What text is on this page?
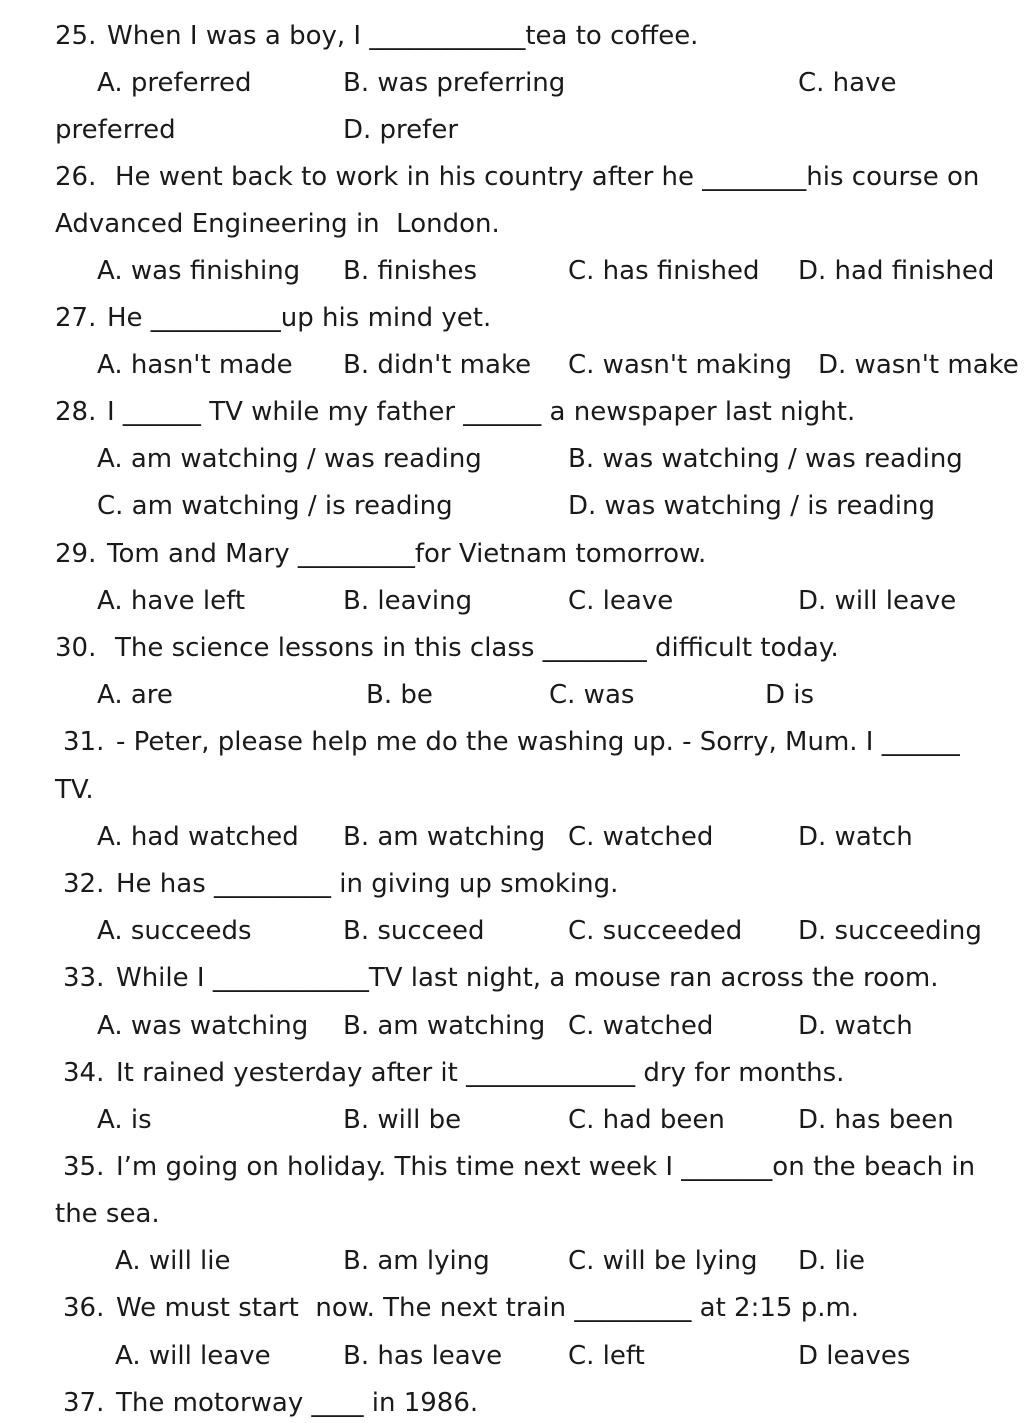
25. When I was a boy, I ____________tea to coffee.
A. preferred	B. was preferring	C. have
preferred	D. prefer
26. He went back to work in his country after he ________his course on
Advanced Engineering in  London.
A. was finishing B. finishes	C. has finished D. had finished
27. He __________up his mind yet.
A. hasn't made B. didn't make C. wasn't making D. wasn't make
28. I ______ TV while my father ______ a newspaper last night.
A. am watching / was reading	B. was watching / was reading
C. am watching / is reading	D. was watching / is reading
29. Tom and Mary _________for Vietnam tomorrow.
A. have left	B. leaving	C. leave	D. will leave
30. The science lessons in this class ________ difficult today.
A. are	B. be	C. was	D is
31. - Peter, please help me do the washing up. - Sorry, Mum. I ______
TV.
A. had watched B. am watching C. watched	D. watch
32. He has _________ in giving up smoking.
A. succeeds	B. succeed	C. succeeded D. succeeding
33. While I ____________TV last night, a mouse ran across the room.
A. was watching B. am watching C. watched	D. watch
34. It rained yesterday after it _____________ dry for months.
A. is	B. will be	C. had been	D. has been
35. I’m going on holiday. This time next week I _______on the beach in
the sea.
A. will lie	B. am lying	C. will be lying D. lie
36. We must start  now. The next train _________ at 2:15 p.m.
A. will leave	B. has leave	C. left	D leaves
37. The motorway ____ in 1986.
